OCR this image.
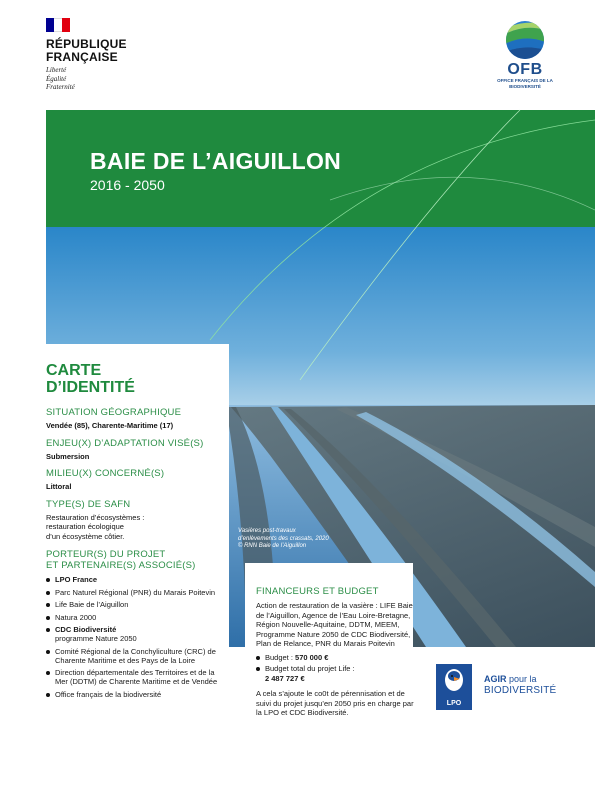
RÉPUBLIQUE FRANÇAISE
Liberté
Égalité
Fraternité
OFB
OFFICE FRANÇAIS DE LA BIODIVERSITÉ
Vasières post-travaux
d’enlèvements des crassats, 2020
© RNN Baie de l’Aiguillon
BAIE DE L’AIGUILLON
2016 - 2050
CARTE
D’IDENTITÉ
SITUATION GÉOGRAPHIQUE
Vendée (85), Charente-Maritime (17)
ENJEU(X) D’ADAPTATION VISÉ(S)
Submersion
MILIEU(X) CONCERNÉ(S)
Littoral
TYPE(S) DE SAFN
Restauration d’écosystèmes :
restauration écologique
d’un écosystème côtier.
PORTEUR(S) DU PROJET
ET PARTENAIRE(S) ASSOCIÉ(S)
LPO France
Parc Naturel Régional (PNR) du Marais Poitevin
Life Baie de l’Aiguillon
Natura 2000
CDC Biodiversité
programme Nature 2050
Comité Régional de la Conchyliculture (CRC) de Charente Maritime et des Pays de la Loire
Direction départementale des Territoires et de la Mer (DDTM) de Charente Maritime et de Vendée
Office français de la biodiversité
FINANCEURS ET BUDGET
Action de restauration de la vasière : LIFE Baie de l’Aiguillon, Agence de l’Eau Loire-Bretagne, Région Nouvelle-Aquitaine, DDTM, MEEM, Programme Nature 2050 de CDC Biodiversité, Plan de Relance, PNR du Marais Poitevin
Budget : 570 000 €
Budget total du projet Life :
2 487 727 €
A cela s’ajoute le co0t de pérennisation et de suivi du projet jusqu’en 2050 pris en charge par la LPO et CDC Biodiversité.
LPO
AGIR pour la
BIODIVERSITÉ
